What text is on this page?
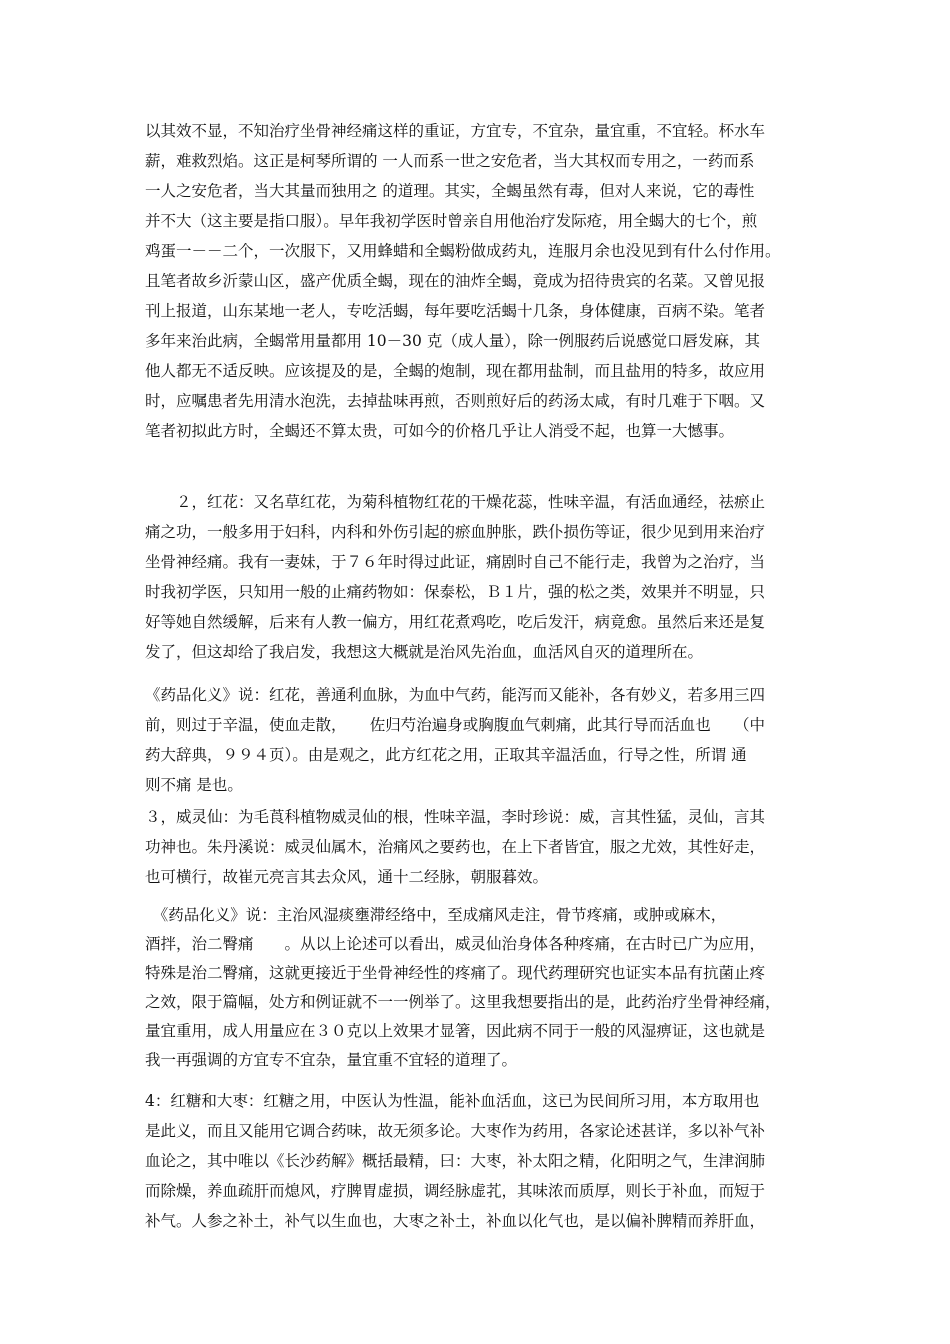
以其效不显，不知治疗坐骨神经痛这样的重证，方宜专，不宜杂，量宜重，不宜轻。杯水车
薪，难救烈焰。这正是柯琴所谓的 一人而系一世之安危者，当大其权而专用之，一药而系
一人之安危者，当大其量而独用之 的道理。其实，全蝎虽然有毒，但对人来说，它的毒性
并不大（这主要是指口服）。早年我初学医时曾亲自用他治疗发际疮，用全蝎大的七个，煎
鸡蛋一－－二个，一次服下，又用蜂蜡和全蝎粉做成药丸，连服月余也没见到有什么付作用。
且笔者故乡沂蒙山区，盛产优质全蝎，现在的油炸全蝎，竟成为招待贵宾的名菜。又曾见报
刊上报道，山东某地一老人，专吃活蝎，每年要吃活蝎十几条，身体健康，百病不染。笔者
多年来治此病，全蝎常用量都用 10－30 克（成人量），除一例服药后说感觉口唇发麻，其
他人都无不适反映。应该提及的是，全蝎的炮制，现在都用盐制，而且盐用的特多，故应用
时，应嘱患者先用清水泡洗，去掉盐味再煎，否则煎好后的药汤太咸，有时几难于下咽。又
笔者初拟此方时，全蝎还不算太贵，可如今的价格几乎让人消受不起，也算一大憾事。
　　２，红花：又名草红花，为菊科植物红花的干燥花蕊，性味辛温，有活血通经，祛瘀止
痛之功，一般多用于妇科，内科和外伤引起的瘀血肿胀，跌仆损伤等证，很少见到用来治疗
坐骨神经痛。我有一妻妹，于７６年时得过此证，痛剧时自己不能行走，我曾为之治疗，当
时我初学医，只知用一般的止痛药物如：保泰松，Ｂ１片，强的松之类，效果并不明显，只
好等她自然缓解，后来有人教一偏方，用红花煮鸡吃，吃后发汗，病竟愈。虽然后来还是复
发了，但这却给了我启发，我想这大概就是治风先治血，血活风自灭的道理所在。
《药品化义》说：红花，善通利血脉，为血中气药，能泻而又能补，各有妙义，若多用三四
前，则过于辛温，使血走散，　　佐归芍治遍身或胸腹血气刺痛，此其行导而活血也　　（中
药大辞典，９９４页）。由是观之，此方红花之用，正取其辛温活血，行导之性，所谓 通
则不痛 是也。
３，威灵仙：为毛莨科植物威灵仙的根，性味辛温，李时珍说：威，言其性猛，灵仙，言其
功神也。朱丹溪说：威灵仙属木，治痛风之要药也，在上下者皆宜，服之尤效，其性好走，
也可横行，故崔元亮言其去众风，通十二经脉，朝服暮效。
　《药品化义》说：主治风湿痰壅滞经络中，至成痛风走注，骨节疼痛，或肿或麻木，
酒拌，治二臀痛　　。从以上论述可以看出，威灵仙治身体各种疼痛，在古时已广为应用，
特殊是治二臀痛，这就更接近于坐骨神经性的疼痛了。现代药理研究也证实本品有抗菌止疼
之效，限于篇幅，处方和例证就不一一例举了。这里我想要指出的是，此药治疗坐骨神经痛，
量宜重用，成人用量应在３０克以上效果才显箸，因此病不同于一般的风湿痹证，这也就是
我一再强调的方宜专不宜杂，量宜重不宜轻的道理了。
4：红糖和大枣：红糖之用，中医认为性温，能补血活血，这已为民间所习用，本方取用也
是此义，而且又能用它调合药味，故无须多论。大枣作为药用，各家论述甚详，多以补气补
血论之，其中唯以《长沙药解》概括最精，曰：大枣，补太阳之精，化阳明之气，生津润肺
而除燥，养血疏肝而熄风，疗脾胃虚损，调经脉虚芤，其味浓而质厚，则长于补血，而短于
补气。人参之补土，补气以生血也，大枣之补土，补血以化气也，是以偏补脾精而养肝血，
